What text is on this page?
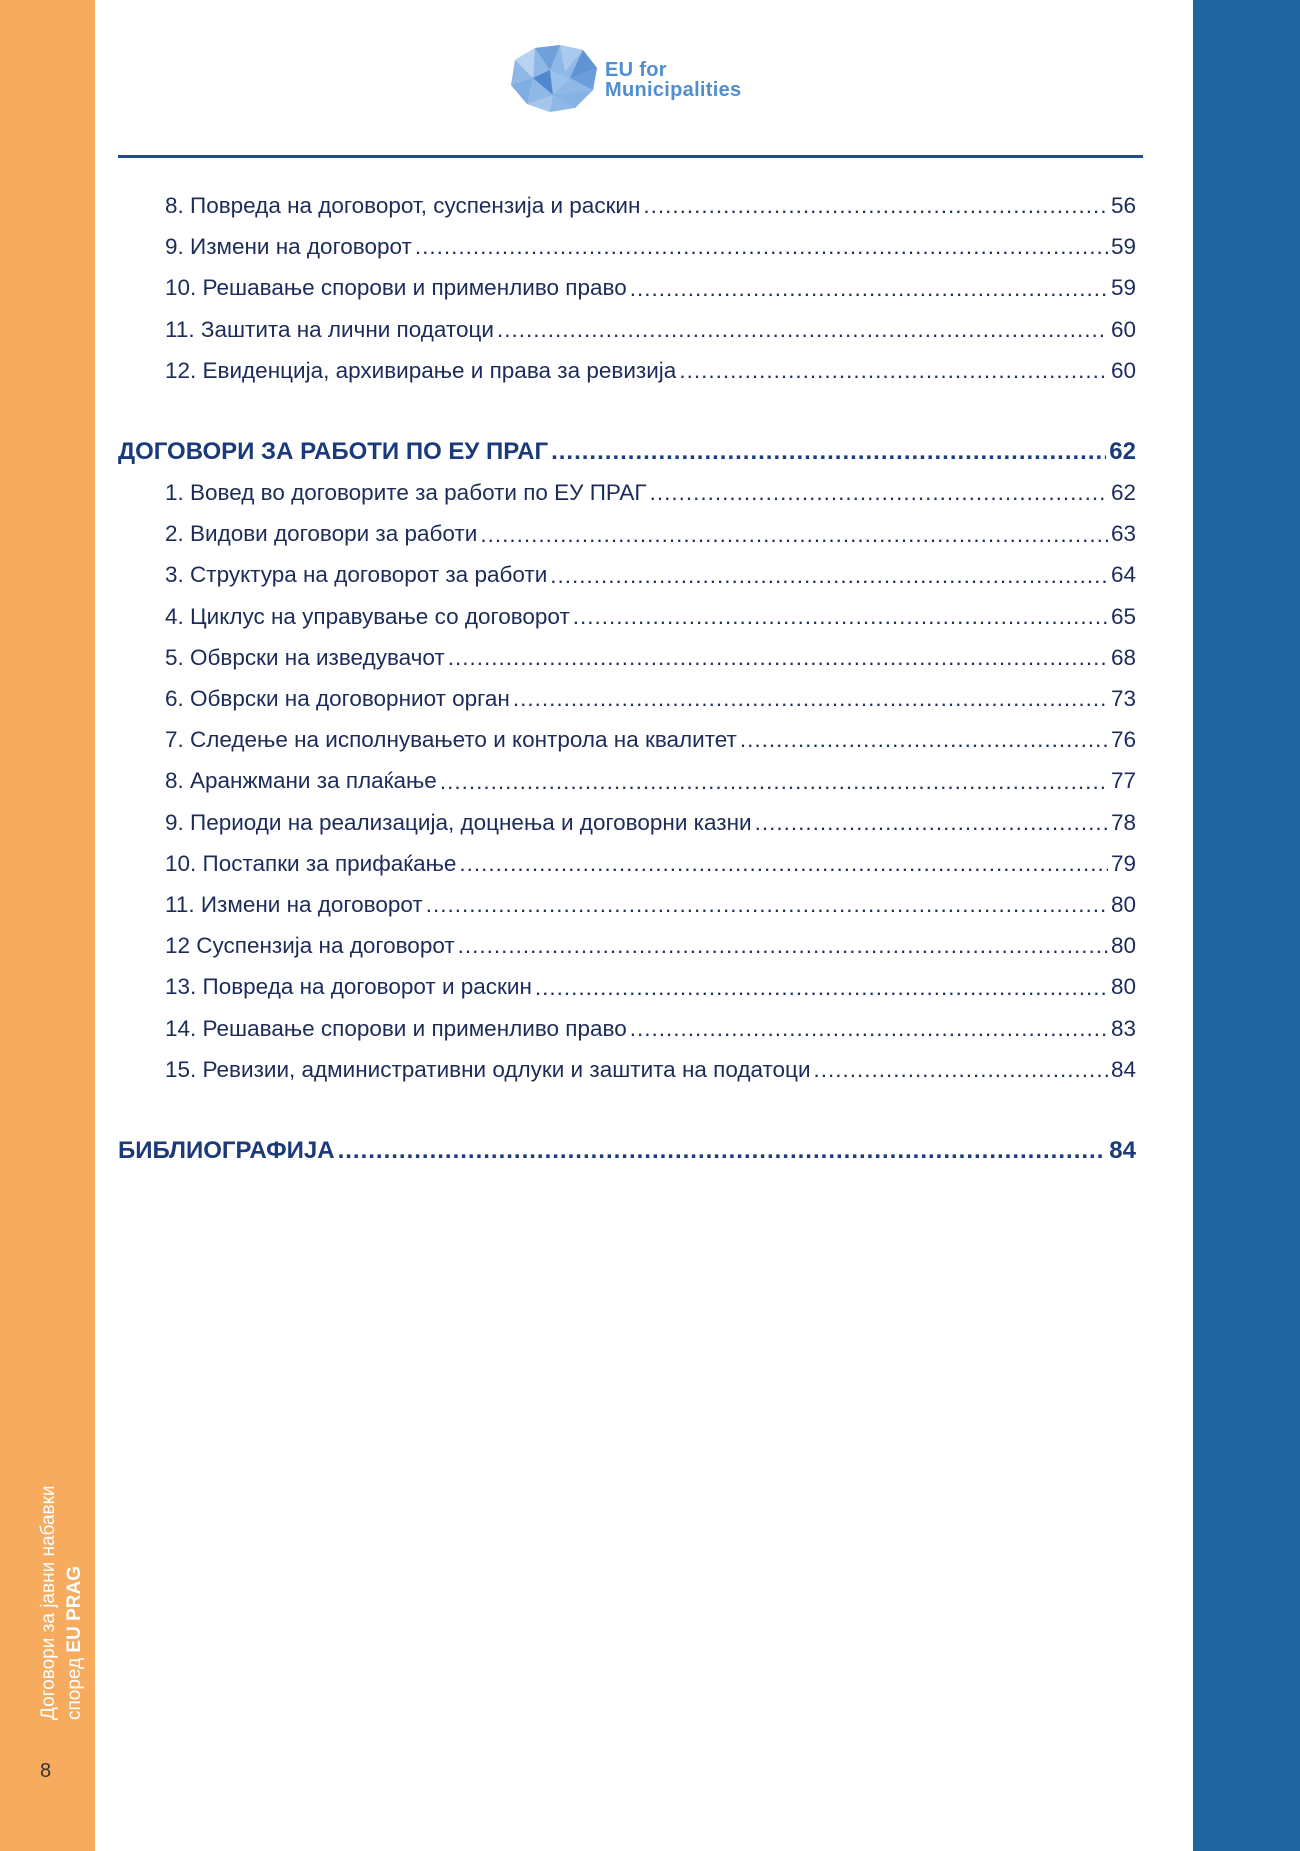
Договори за јавни набавки според EU PRAG
8
EU for
Municipalities
8. Повреда на договорот, суспензија и раскин .....	56
9. Измени на договорот .....	59
10. Решавање спорови и применливо право .....	59
11. Заштита на лични податоци .....	60
12. Евиденција, архивирање и права за ревизија .....	60
ДОГОВОРИ ЗА РАБОТИ ПО ЕУ ПРАГ .....	62
1. Вовед во договорите за работи по ЕУ ПРАГ .....	62
2. Видови договори за работи .....	63
3. Структура на договорот за работи .....	64
4. Циклус на управување со договорот .....	65
5. Обврски на изведувачот .....	68
6. Обврски на договорниот орган .....	73
7. Следење на исполнувањето и контрола на квалитет .....	76
8. Аранжмани за плаќање .....	77
9. Периоди на реализација, доцнења и договорни казни .....	78
10. Постапки за прифаќање .....	79
11. Измени на договорот .....	80
12 Суспензија на договорот .....	80
13. Повреда на договорот и раскин .....	80
14. Решавање спорови и применливо право .....	83
15. Ревизии, административни одлуки и заштита на податоци .....	84
БИБЛИОГРАФИЈА .....	84
